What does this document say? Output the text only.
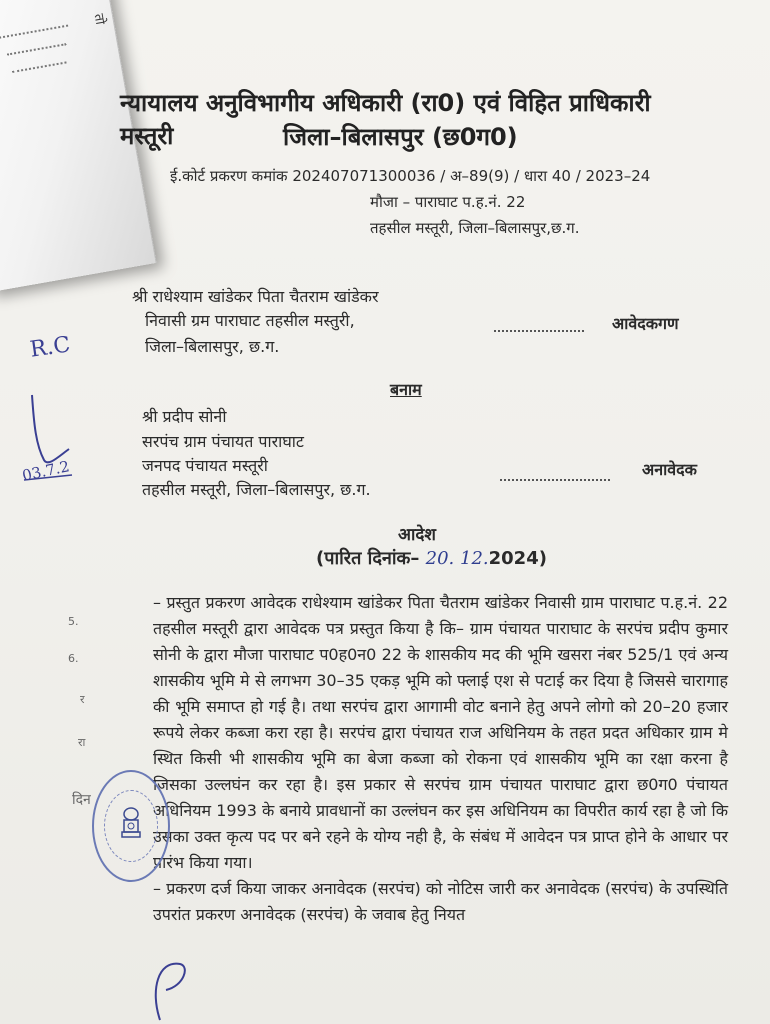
तो
न्यायालय अनुविभागीय अधिकारी (रा0) एवं विहित प्राधिकारी मस्तूरी	जिला–बिलासपुर (छ0ग0)
ई.कोर्ट प्रकरण कमांक 202407071300036 / अ–89(9) / धारा 40 / 2023–24
मौजा – पाराघाट प.ह.नं. 22
तहसील मस्तूरी, जिला–बिलासपुर,छ.ग.
श्री राधेश्याम खांडेकर पिता चैतराम खांडेकर
निवासी ग्रम पाराघाट तहसील मस्तुरी,
जिला–बिलासपुर, छ.ग.
आवेदकगण
बनाम
श्री प्रदीप सोनी
सरपंच ग्राम पंचायत पाराघाट
जनपद पंचायत मस्तूरी
तहसील मस्तूरी, जिला–बिलासपुर, छ.ग.
अनावेदक
आदेश
(पारित दिनांक– 20. 12.2024)

– प्रस्तुत प्रकरण आवेदक राधेश्याम खांडेकर पिता चैतराम खांडेकर निवासी ग्राम पाराघाट प.ह.नं. 22 तहसील मस्तूरी द्वारा आवेदक पत्र प्रस्तुत किया है कि– ग्राम पंचायत पाराघाट के सरपंच प्रदीप कुमार सोनी के द्वारा मौजा पाराघाट प0ह0न0 22 के शासकीय मद की भूमि खसरा नंबर 525/1 एवं अन्य शासकीय भूमि मे से लगभग 30–35 एकड़ भूमि को फ्लाई एश से पटाई कर दिया है जिससे चारागाह की भूमि समाप्त हो गई है। तथा सरपंच द्वारा आगामी वोट बनाने हेतु अपने लोगो को 20–20 हजार रूपये लेकर कब्जा करा रहा है। सरपंच द्वारा पंचायत राज अधिनियम के तहत प्रदत अधिकार ग्राम मे स्थित किसी भी शासकीय भूमि का बेजा कब्जा को रोकना एवं शासकीय भूमि का रक्षा करना है जिसका उल्लघंन कर रहा है। इस प्रकार से सरपंच ग्राम पंचायत पाराघाट द्वारा छ0ग0 पंचायत अधिनियम 1993 के बनाये प्रावधानों का उल्लंघन कर इस अधिनियम का विपरीत कार्य रहा है जो कि उसका उक्त कृत्य पद पर बने रहने के योग्य नही है, के संबंध में आवेदन पत्र प्राप्त होने के आधार पर प्रारंभ किया गया।

– प्रकरण दर्ज किया जाकर अनावेदक (सरपंच) को नोटिस जारी कर अनावेदक (सरपंच) के उपस्थिति उपरांत प्रकरण अनावेदक (सरपंच) के जवाब हेतु नियत

5.
6.
र
रा
दिन
R.C
03.7.2
